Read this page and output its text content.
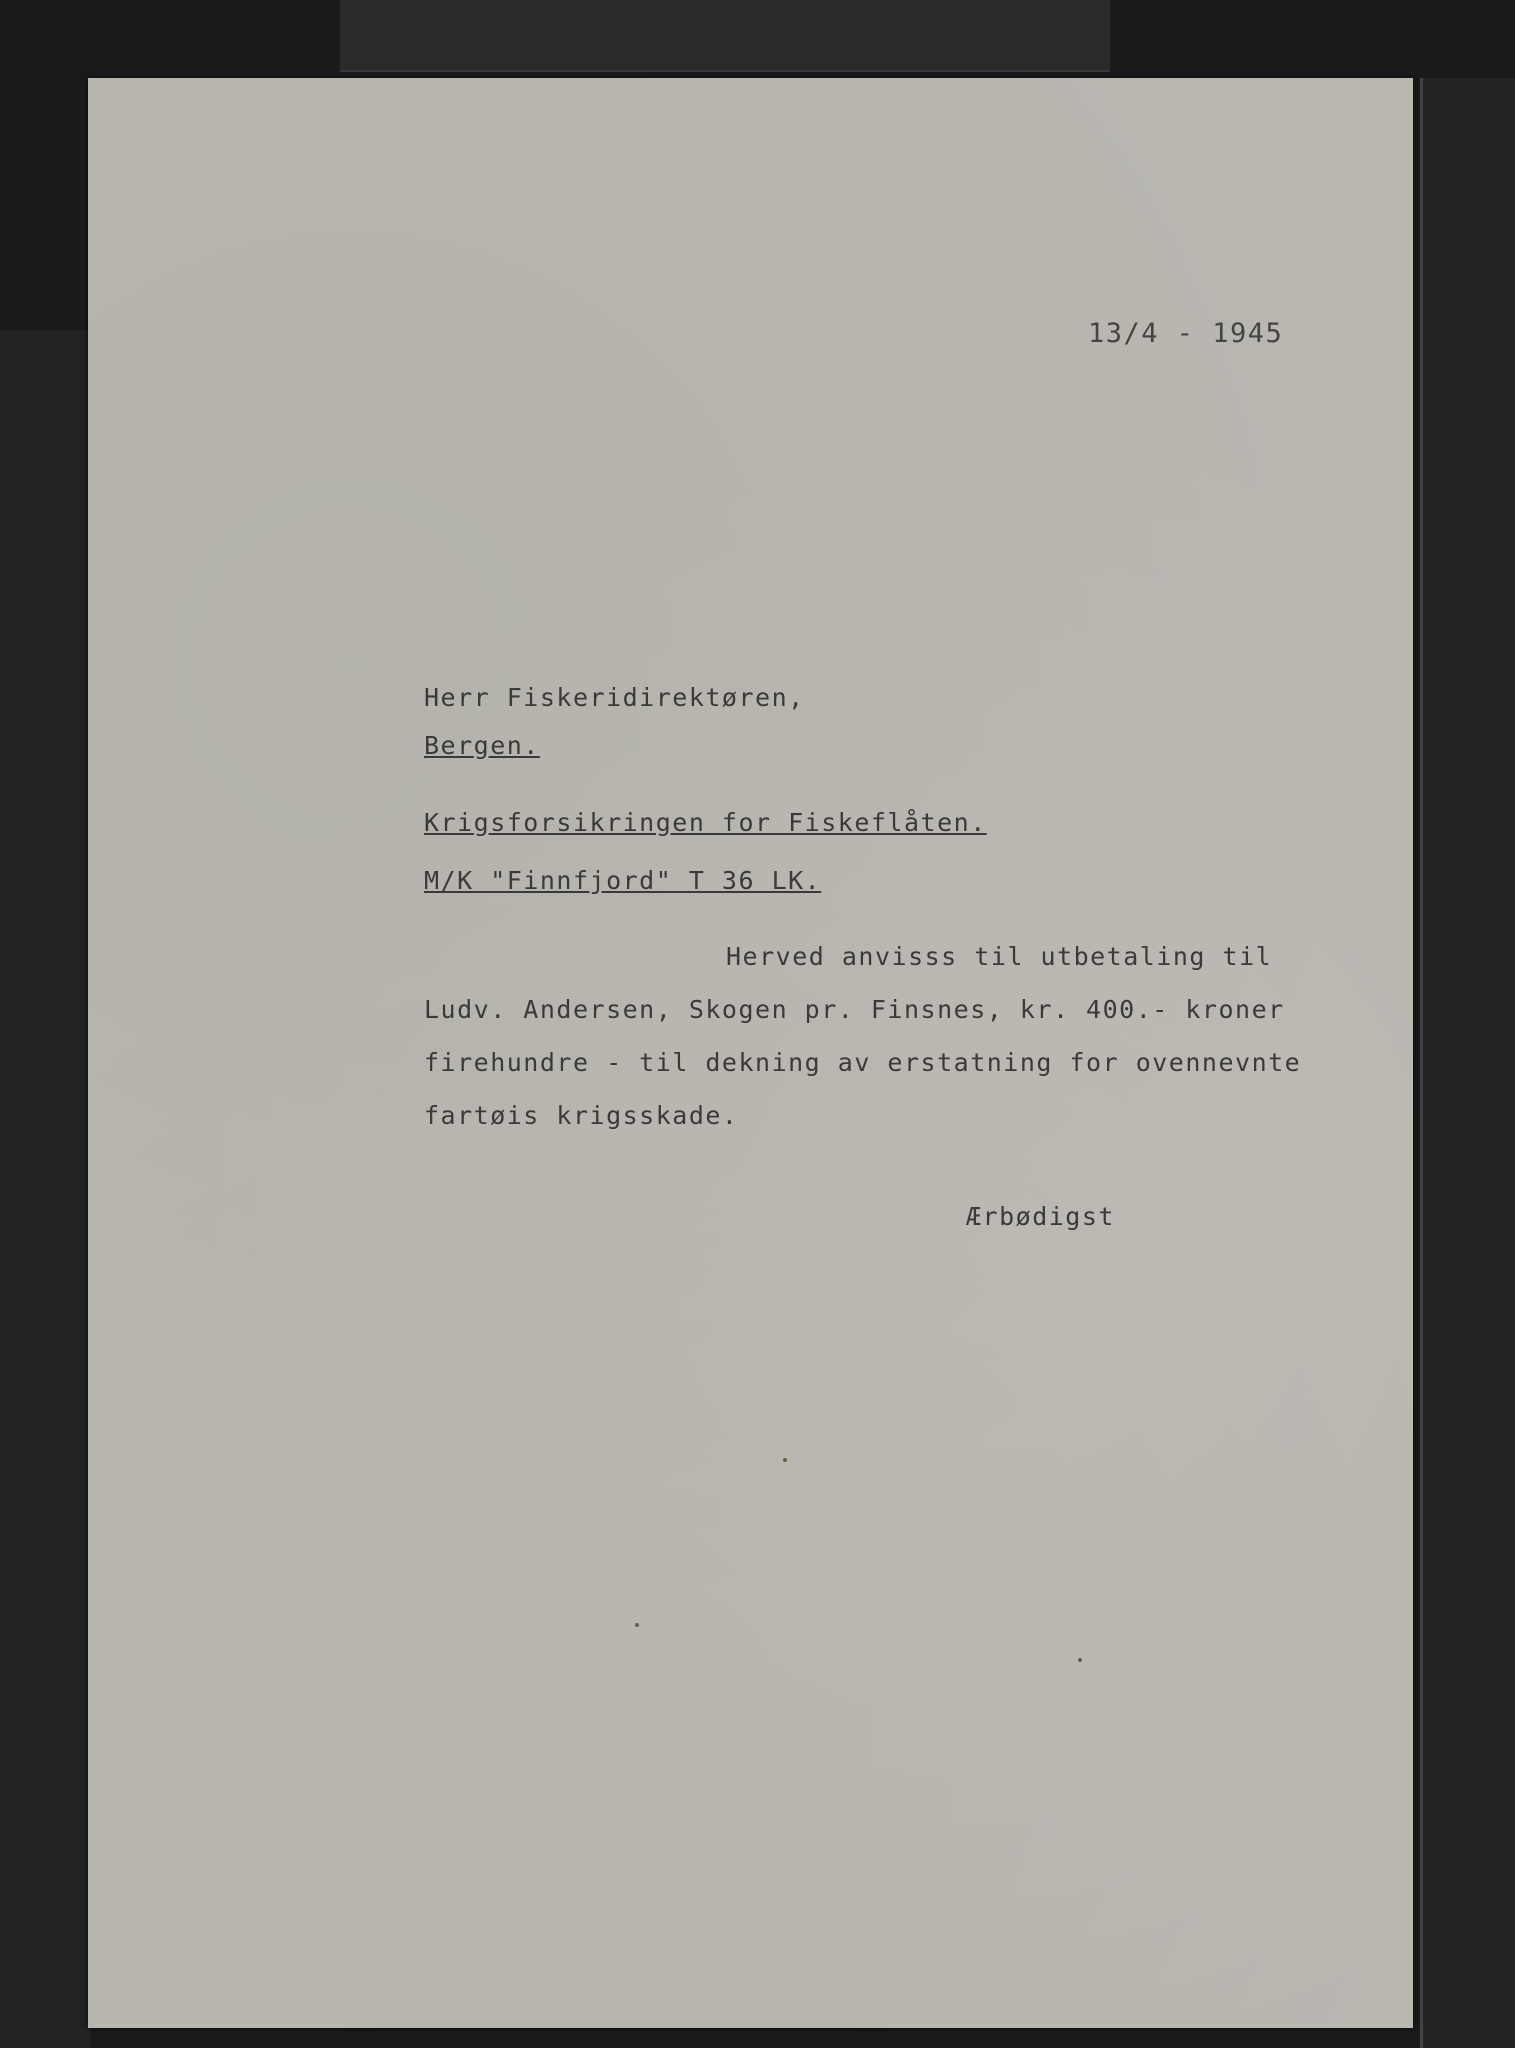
13/4 - 1945
Herr Fiskeridirektøren,
Bergen.
Krigsforsikringen for Fiskeflåten.
M/K "Finnfjord" T 36 LK.
Herved anvisss til utbetaling til
Ludv. Andersen, Skogen pr. Finsnes, kr. 400.- kroner
firehundre - til dekning av erstatning for ovennevnte
fartøis krigsskade.
Ærbødigst
